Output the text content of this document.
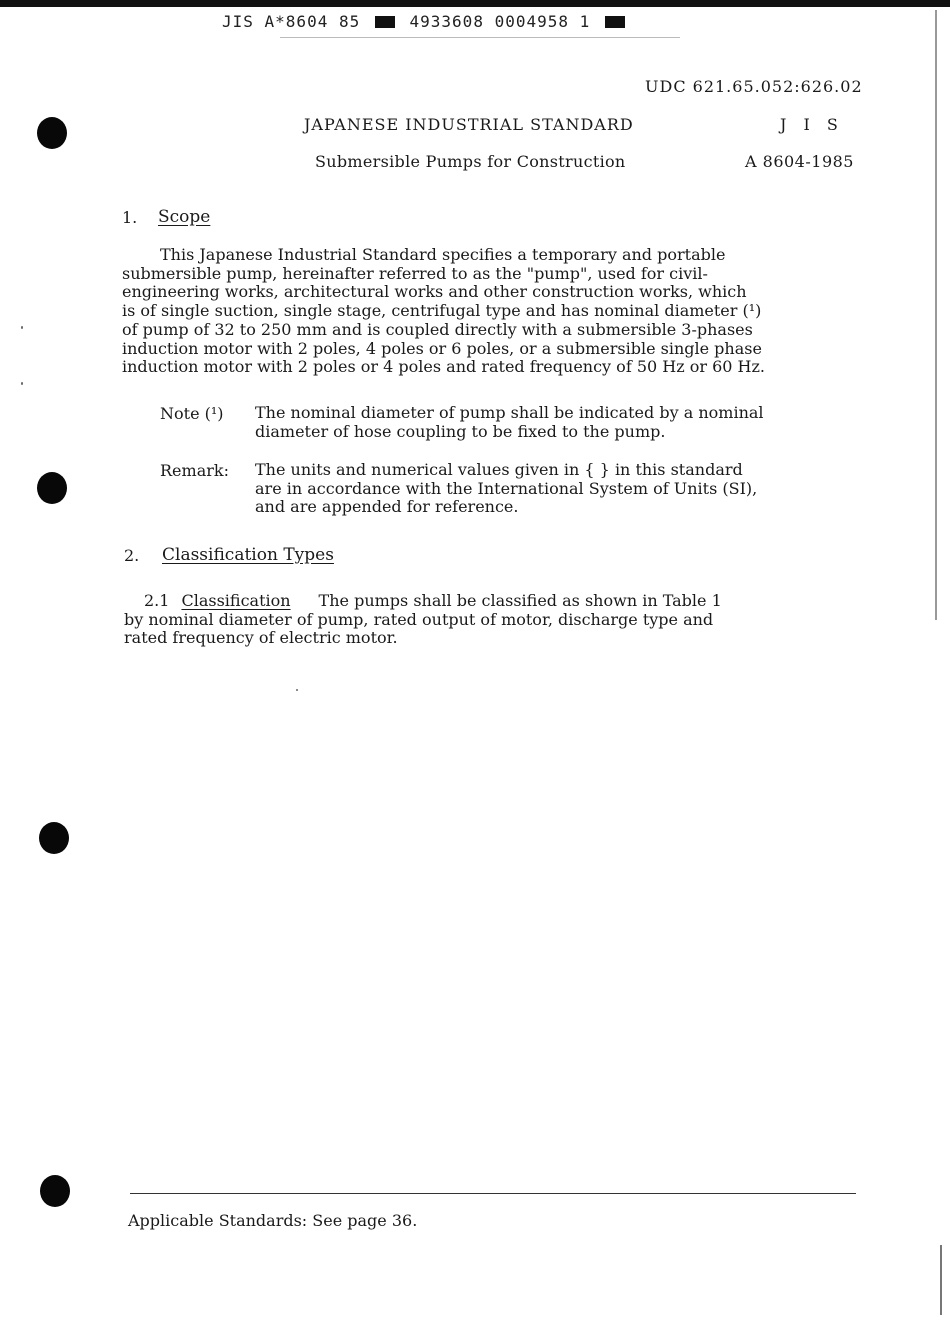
JIS A*8604 85	4933608 0004958 1
UDC 621.65.052:626.02
JAPANESE INDUSTRIAL STANDARD	J I S
Submersible Pumps for Construction	A 8604-1985
1. Scope
This Japanese Industrial Standard specifies a temporary and portable
submersible pump, hereinafter referred to as the "pump", used for civil-
engineering works, architectural works and other construction works, which
is of single suction, single stage, centrifugal type and has nominal diameter (¹)
of pump of 32 to 250 mm and is coupled directly with a submersible 3-phases
induction motor with 2 poles, 4 poles or 6 poles, or a submersible single phase
induction motor with 2 poles or 4 poles and rated frequency of 50 Hz or 60 Hz.
Note (¹) The nominal diameter of pump shall be indicated by a nominal
diameter of hose coupling to be fixed to the pump.
Remark: The units and numerical values given in { } in this standard
are in accordance with the International System of Units (SI),
and are appended for reference.
2. Classification Types
2.1 Classification The pumps shall be classified as shown in Table 1
by nominal diameter of pump, rated output of motor, discharge type and
rated frequency of electric motor.
Applicable Standards: See page 36.
